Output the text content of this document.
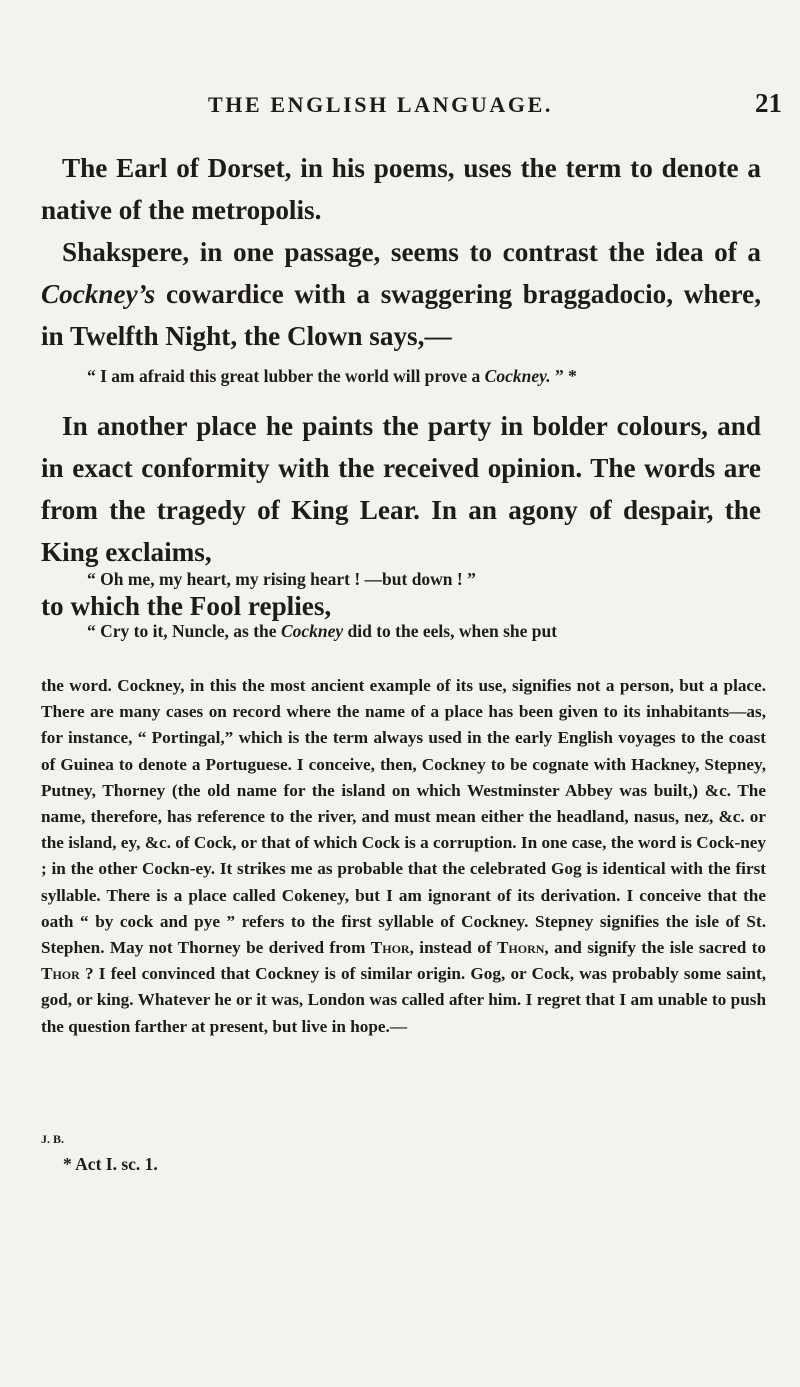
THE ENGLISH LANGUAGE.	21

The Earl of Dorset, in his poems, uses the term to denote a native of the metropolis.

Shakspere, in one passage, seems to contrast the idea of a Cockney’s cowardice with a swaggering braggadocio, where, in Twelfth Night, the Clown says,—

“ I am afraid this great lubber the world will prove a Cockney. ” *

In another place he paints the party in bolder colours, and in exact conformity with the received opinion. The words are from the tragedy of King Lear. In an agony of despair, the King exclaims,

“ Oh me, my heart, my rising heart ! —but down ! ”

to which the Fool replies,

“ Cry to it, Nuncle, as the Cockney did to the eels, when she put

the word. Cockney, in this the most ancient example of its use, signifies not a person, but a place. There are many cases on record where the name of a place has been given to its inhabitants—as, for instance, “ Portingal,” which is the term always used in the early English voyages to the coast of Guinea to denote a Portuguese. I conceive, then, Cockney to be cognate with Hackney, Stepney, Putney, Thorney (the old name for the island on which Westminster Abbey was built,) &c. The name, therefore, has reference to the river, and must mean either the headland, nasus, nez, &c. or the island, ey, &c. of Cock, or that of which Cock is a corruption. In one case, the word is Cock-ney ; in the other Cockn-ey. It strikes me as probable that the celebrated Gog is identical with the first syllable. There is a place called Cokeney, but I am ignorant of its derivation. I conceive that the oath “ by cock and pye ” refers to the first syllable of Cockney. Stepney signifies the isle of St. Stephen. May not Thorney be derived from Thor, instead of Thorn, and signify the isle sacred to Thor ? I feel convinced that Cockney is of similar origin. Gog, or Cock, was probably some saint, god, or king. Whatever he or it was, London was called after him. I regret that I am unable to push the question farther at present, but live in hope.—

J. B.
* Act I. sc. 1.
